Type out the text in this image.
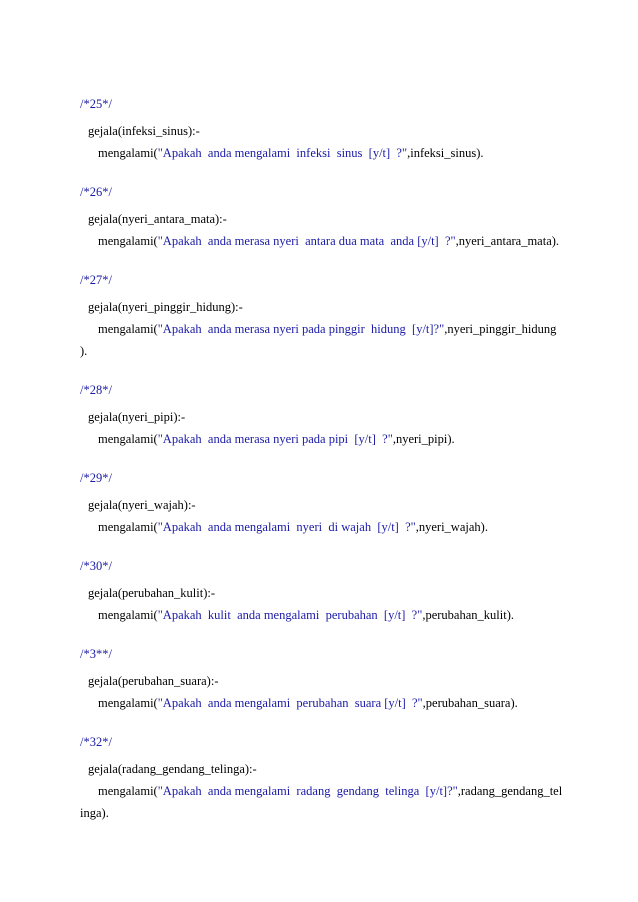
/*25*/
gejala(infeksi_sinus):-
mengalami("Apakah  anda mengalami  infeksi  sinus  [y/t]  ?",infeksi_sinus).
/*26*/
gejala(nyeri_antara_mata):-
mengalami("Apakah  anda merasa nyeri  antara dua mata  anda [y/t]  ?",nyeri_antara_mata).
/*27*/
gejala(nyeri_pinggir_hidung):-
mengalami("Apakah  anda merasa nyeri pada pinggir  hidung  [y/t]?",nyeri_pinggir_hidung
).
/*28*/
gejala(nyeri_pipi):-
mengalami("Apakah  anda merasa nyeri pada pipi  [y/t]  ?",nyeri_pipi).
/*29*/
gejala(nyeri_wajah):-
mengalami("Apakah  anda mengalami  nyeri  di wajah  [y/t]  ?",nyeri_wajah).
/*30*/
gejala(perubahan_kulit):-
mengalami("Apakah  kulit  anda mengalami  perubahan  [y/t]  ?",perubahan_kulit).
/*3**/
gejala(perubahan_suara):-
mengalami("Apakah  anda mengalami  perubahan  suara [y/t]  ?",perubahan_suara).
/*32*/
gejala(radang_gendang_telinga):-
mengalami("Apakah  anda mengalami  radang  gendang  telinga  [y/t]?",radang_gendang_tel
inga).
